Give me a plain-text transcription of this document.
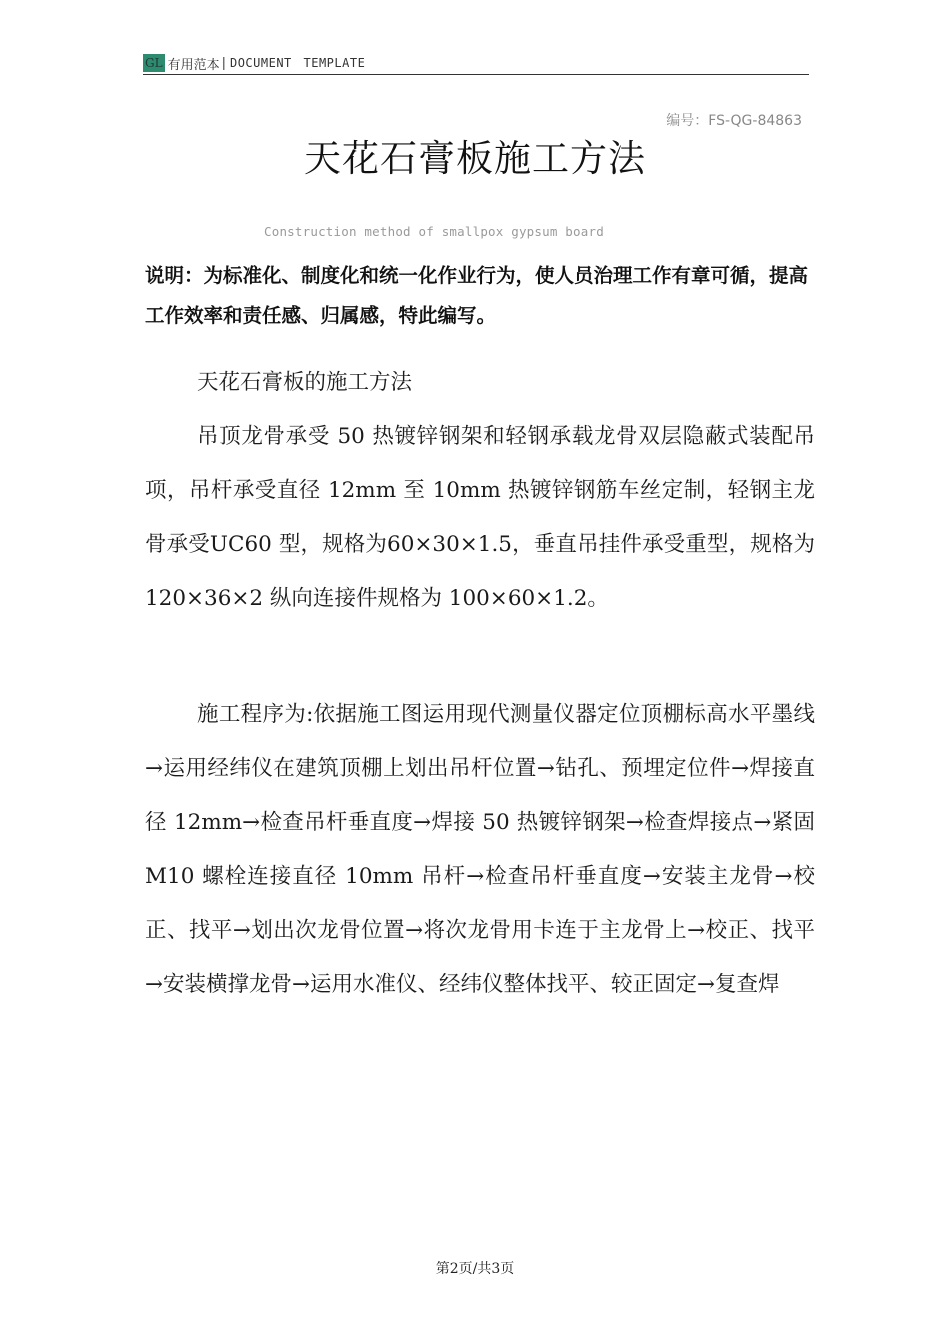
GL 有用范本 | DOCUMENT TEMPLATE
编号：FS-QG-84863
天花石膏板施工方法
Construction method of smallpox gypsum board

说明：为标准化、制度化和统一化作业行为，使人员治理工作有章可循，提高工作效率和责任感、归属感，特此编写。

天花石膏板的施工方法

吊顶龙骨承受 50 热镀锌钢架和轻钢承载龙骨双层隐蔽式装配吊项，吊杆承受直径 12mm 至 10mm 热镀锌钢筋车丝定制，轻钢主龙骨承受UC60 型，规格为60×30×1.5，垂直吊挂件承受重型，规格为 120×36×2 纵向连接件规格为 100×60×1.2。

施工程序为:依据施工图运用现代测量仪器定位顶棚标高水平墨线→运用经纬仪在建筑顶棚上划出吊杆位置→钻孔、预埋定位件→焊接直径 12mm→检查吊杆垂直度→焊接 50 热镀锌钢架→检查焊接点→紧固 M10 螺栓连接直径 10mm 吊杆→检查吊杆垂直度→安装主龙骨→校正、找平→划出次龙骨位置→将次龙骨用卡连于主龙骨上→校正、找平→安装横撑龙骨→运用水准仪、经纬仪整体找平、较正固定→复查焊

第2页/共3页
